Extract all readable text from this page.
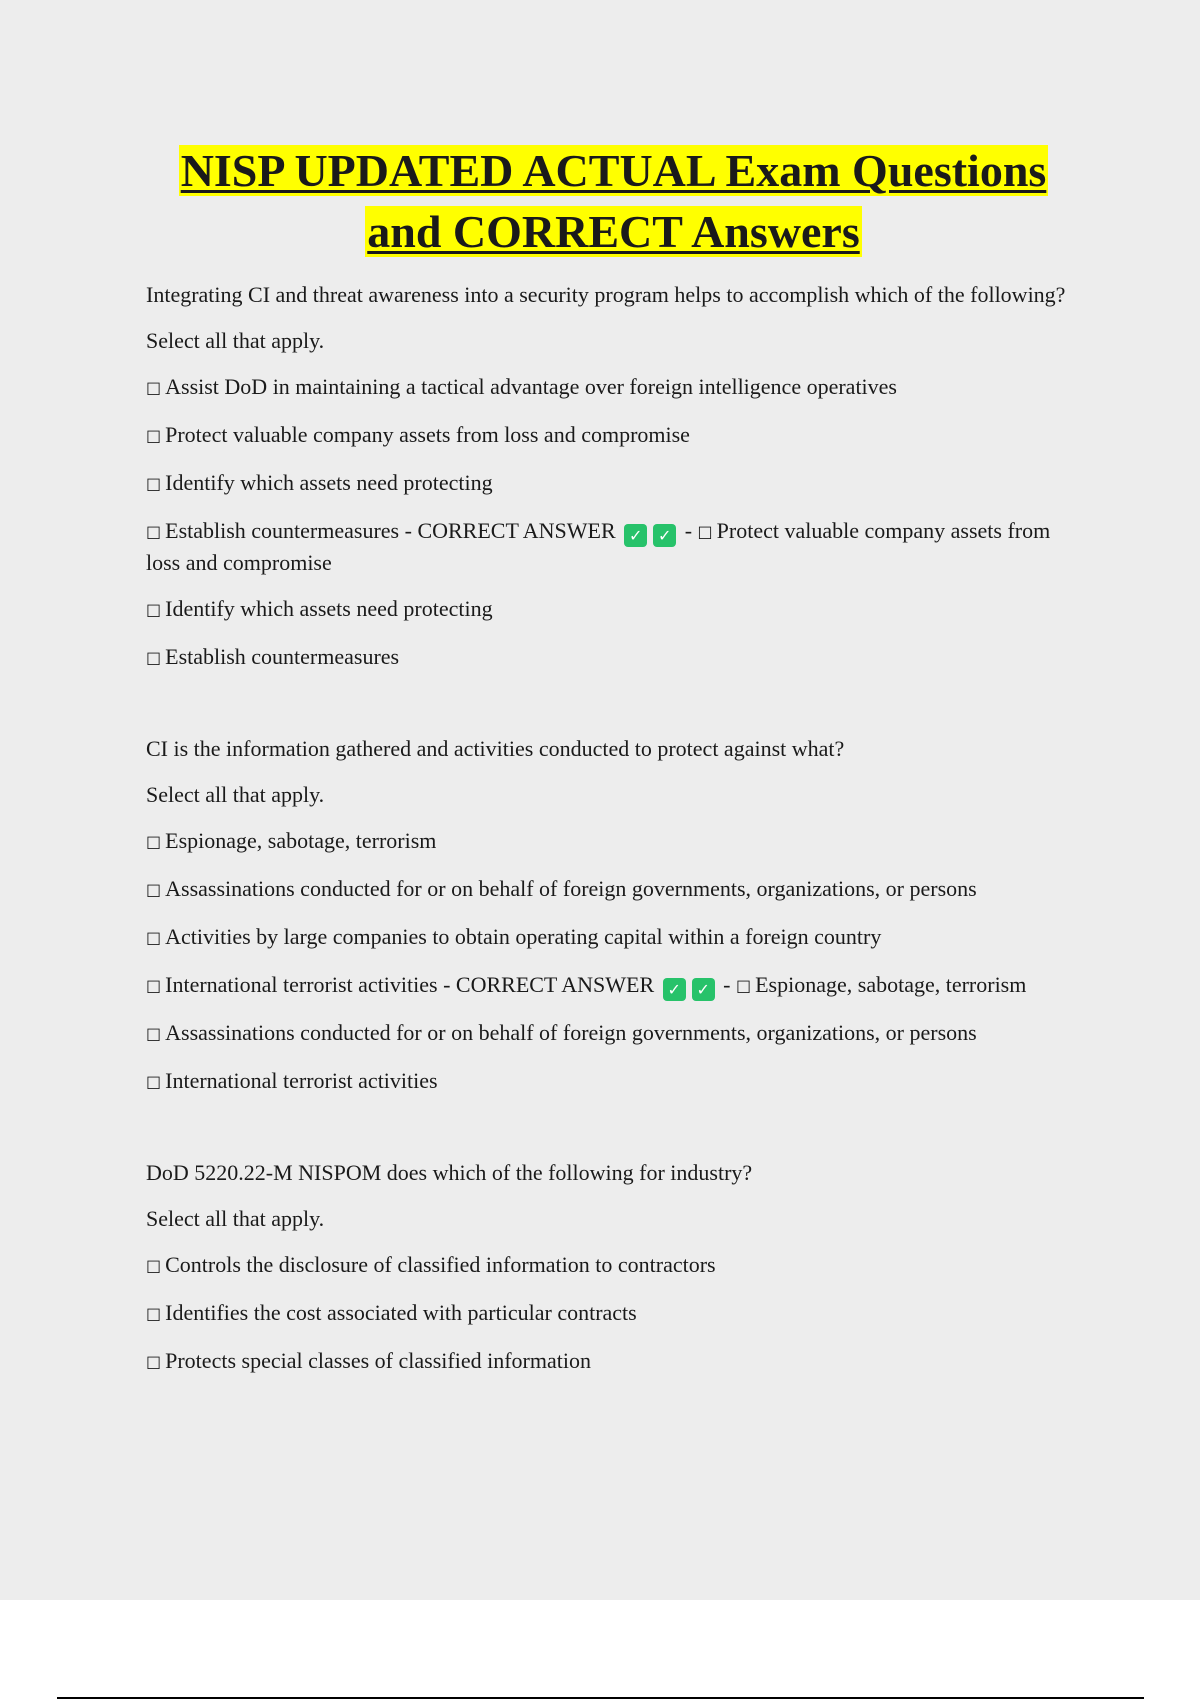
NISP UPDATED ACTUAL Exam Questions
and CORRECT Answers

Integrating CI and threat awareness into a security program helps to accomplish which of the following?

Select all that apply.

□ Assist DoD in maintaining a tactical advantage over foreign intelligence operatives

□ Protect valuable company assets from loss and compromise

□ Identify which assets need protecting

□ Establish countermeasures - CORRECT ANSWER ✓ ✓ - □ Protect valuable company assets from loss and compromise

□ Identify which assets need protecting

□ Establish countermeasures

CI is the information gathered and activities conducted to protect against what?

Select all that apply.

□ Espionage, sabotage, terrorism

□ Assassinations conducted for or on behalf of foreign governments, organizations, or persons

□ Activities by large companies to obtain operating capital within a foreign country

□ International terrorist activities - CORRECT ANSWER ✓ ✓ - □ Espionage, sabotage, terrorism

□ Assassinations conducted for or on behalf of foreign governments, organizations, or persons

□ International terrorist activities

DoD 5220.22-M NISPOM does which of the following for industry?

Select all that apply.

□ Controls the disclosure of classified information to contractors

□ Identifies the cost associated with particular contracts

□ Protects special classes of classified information
